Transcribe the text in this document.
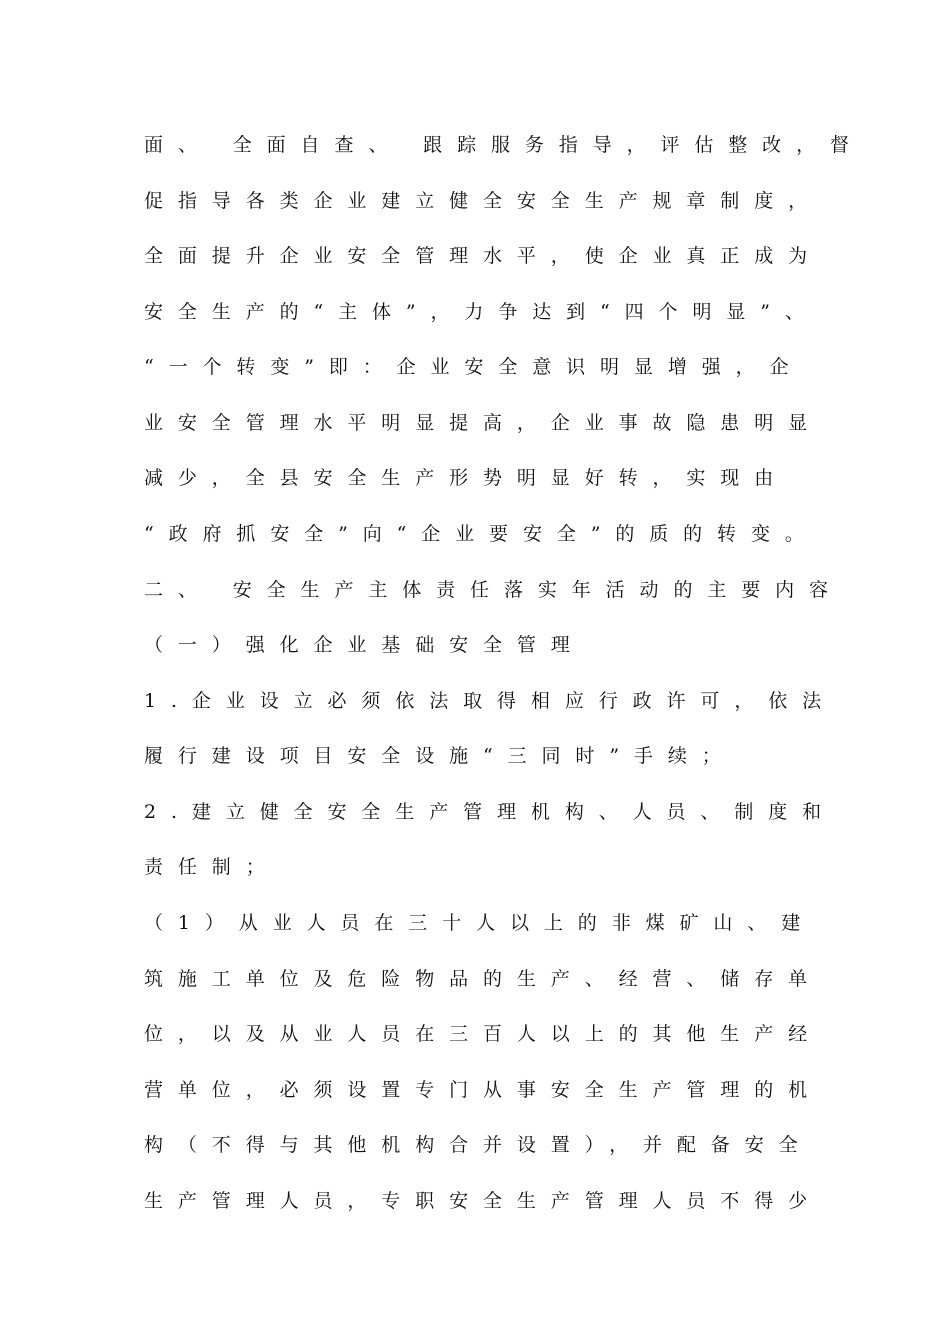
面、 全面自查、 跟踪服务指导，评估整改，督
促指导各类企业建立健全安全生产规章制度，
全面提升企业安全管理水平，使企业真正成为
安全生产的“主体”，力争达到“四个明显”、
“一个转变”即：企业安全意识明显增强，企
业安全管理水平明显提高，企业事故隐患明显
减少，全县安全生产形势明显好转，实现由
“政府抓安全”向“企业要安全”的质的转变。
二、 安全生产主体责任落实年活动的主要内容
（一）强化企业基础安全管理
1.企业设立必须依法取得相应行政许可，依法
履行建设项目安全设施“三同时”手续；
2.建立健全安全生产管理机构、人员、制度和
责任制；
（1）从业人员在三十人以上的非煤矿山、建
筑施工单位及危险物品的生产、经营、储存单
位，以及从业人员在三百人以上的其他生产经
营单位，必须设置专门从事安全生产管理的机
构（不得与其他机构合并设置），并配备安全
生产管理人员，专职安全生产管理人员不得少
